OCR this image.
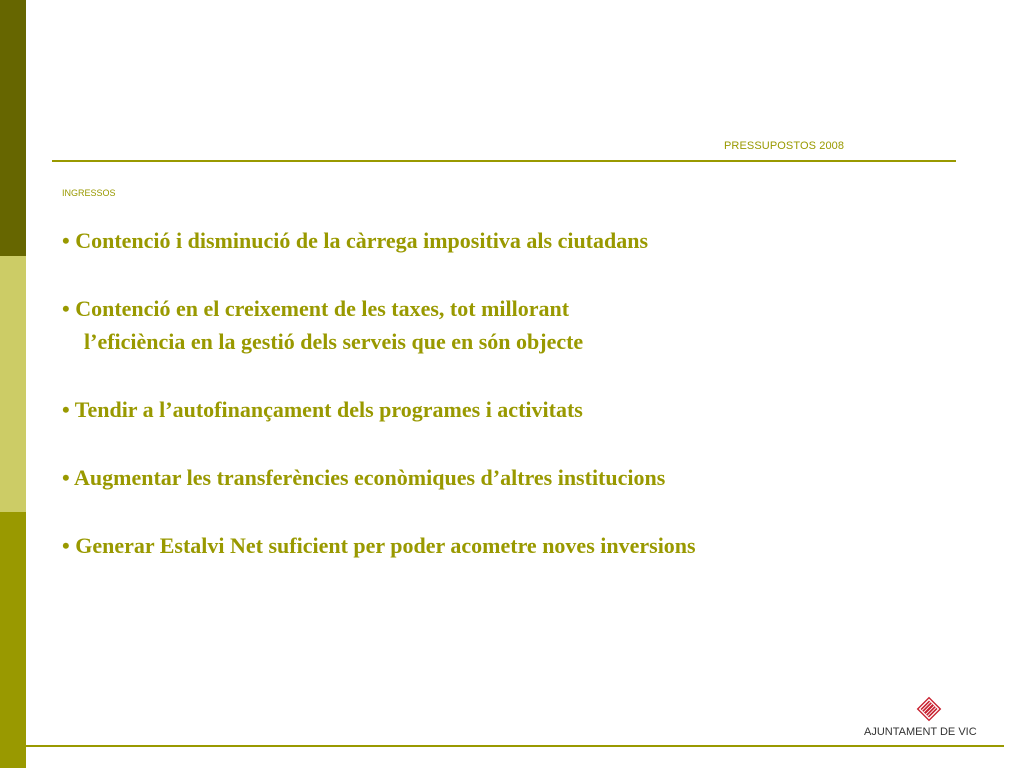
PRESSUPOSTOS 2008
INGRESSOS
• Contenció i disminució de la càrrega impositiva als ciutadans
• Contenció en el creixement de les taxes, tot millorant
l’eficiència en la gestió dels serveis que en són objecte
• Tendir a l’autofinançament dels programes i activitats
• Augmentar les transferències econòmiques d’altres institucions
• Generar Estalvi Net suficient per poder acometre noves inversions
AJUNTAMENT DE VIC
